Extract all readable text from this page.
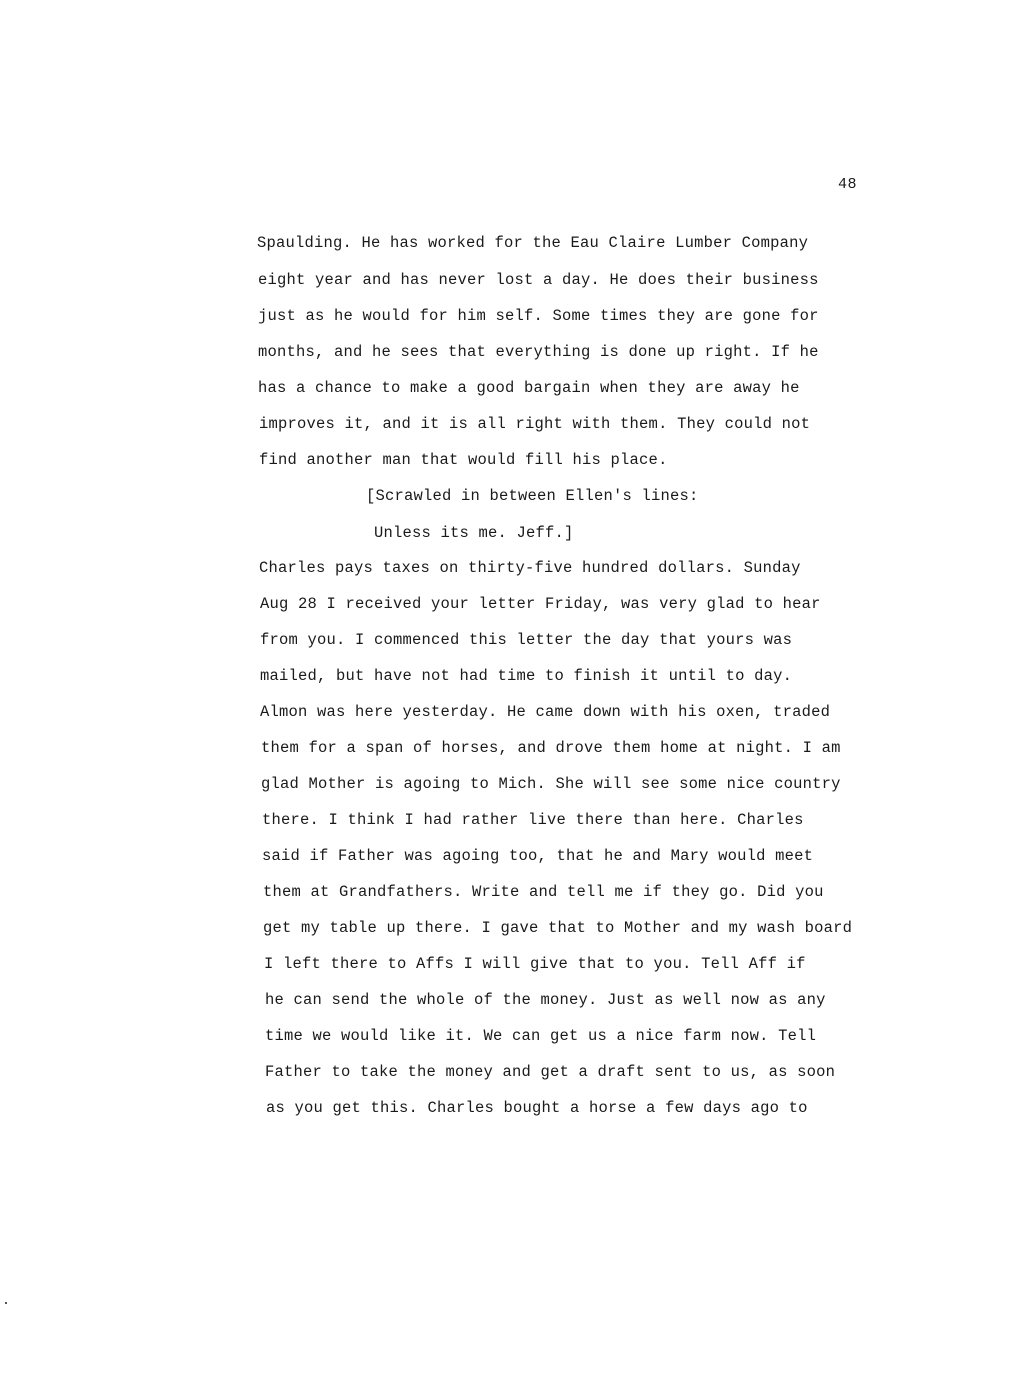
48
Spaulding. He has worked for the Eau Claire Lumber Company
eight year and has never lost a day. He does their business
just as he would for him self. Some times they are gone for
months, and he sees that everything is done up right. If he
has a chance to make a good bargain when they are away he
improves it, and it is all right with them. They could not
find another man that would fill his place.
[Scrawled in between Ellen's lines:
Unless its me. Jeff.]
Charles pays taxes on thirty-five hundred dollars. Sunday
Aug 28 I received your letter Friday, was very glad to hear
from you. I commenced this letter the day that yours was
mailed, but have not had time to finish it until to day.
Almon was here yesterday. He came down with his oxen, traded
them for a span of horses, and drove them home at night. I am
glad Mother is agoing to Mich. She will see some nice country
there. I think I had rather live there than here. Charles
said if Father was agoing too, that he and Mary would meet
them at Grandfathers. Write and tell me if they go. Did you
get my table up there. I gave that to Mother and my wash board
I left there to Affs I will give that to you. Tell Aff if
he can send the whole of the money. Just as well now as any
time we would like it. We can get us a nice farm now. Tell
Father to take the money and get a draft sent to us, as soon
as you get this. Charles bought a horse a few days ago to
